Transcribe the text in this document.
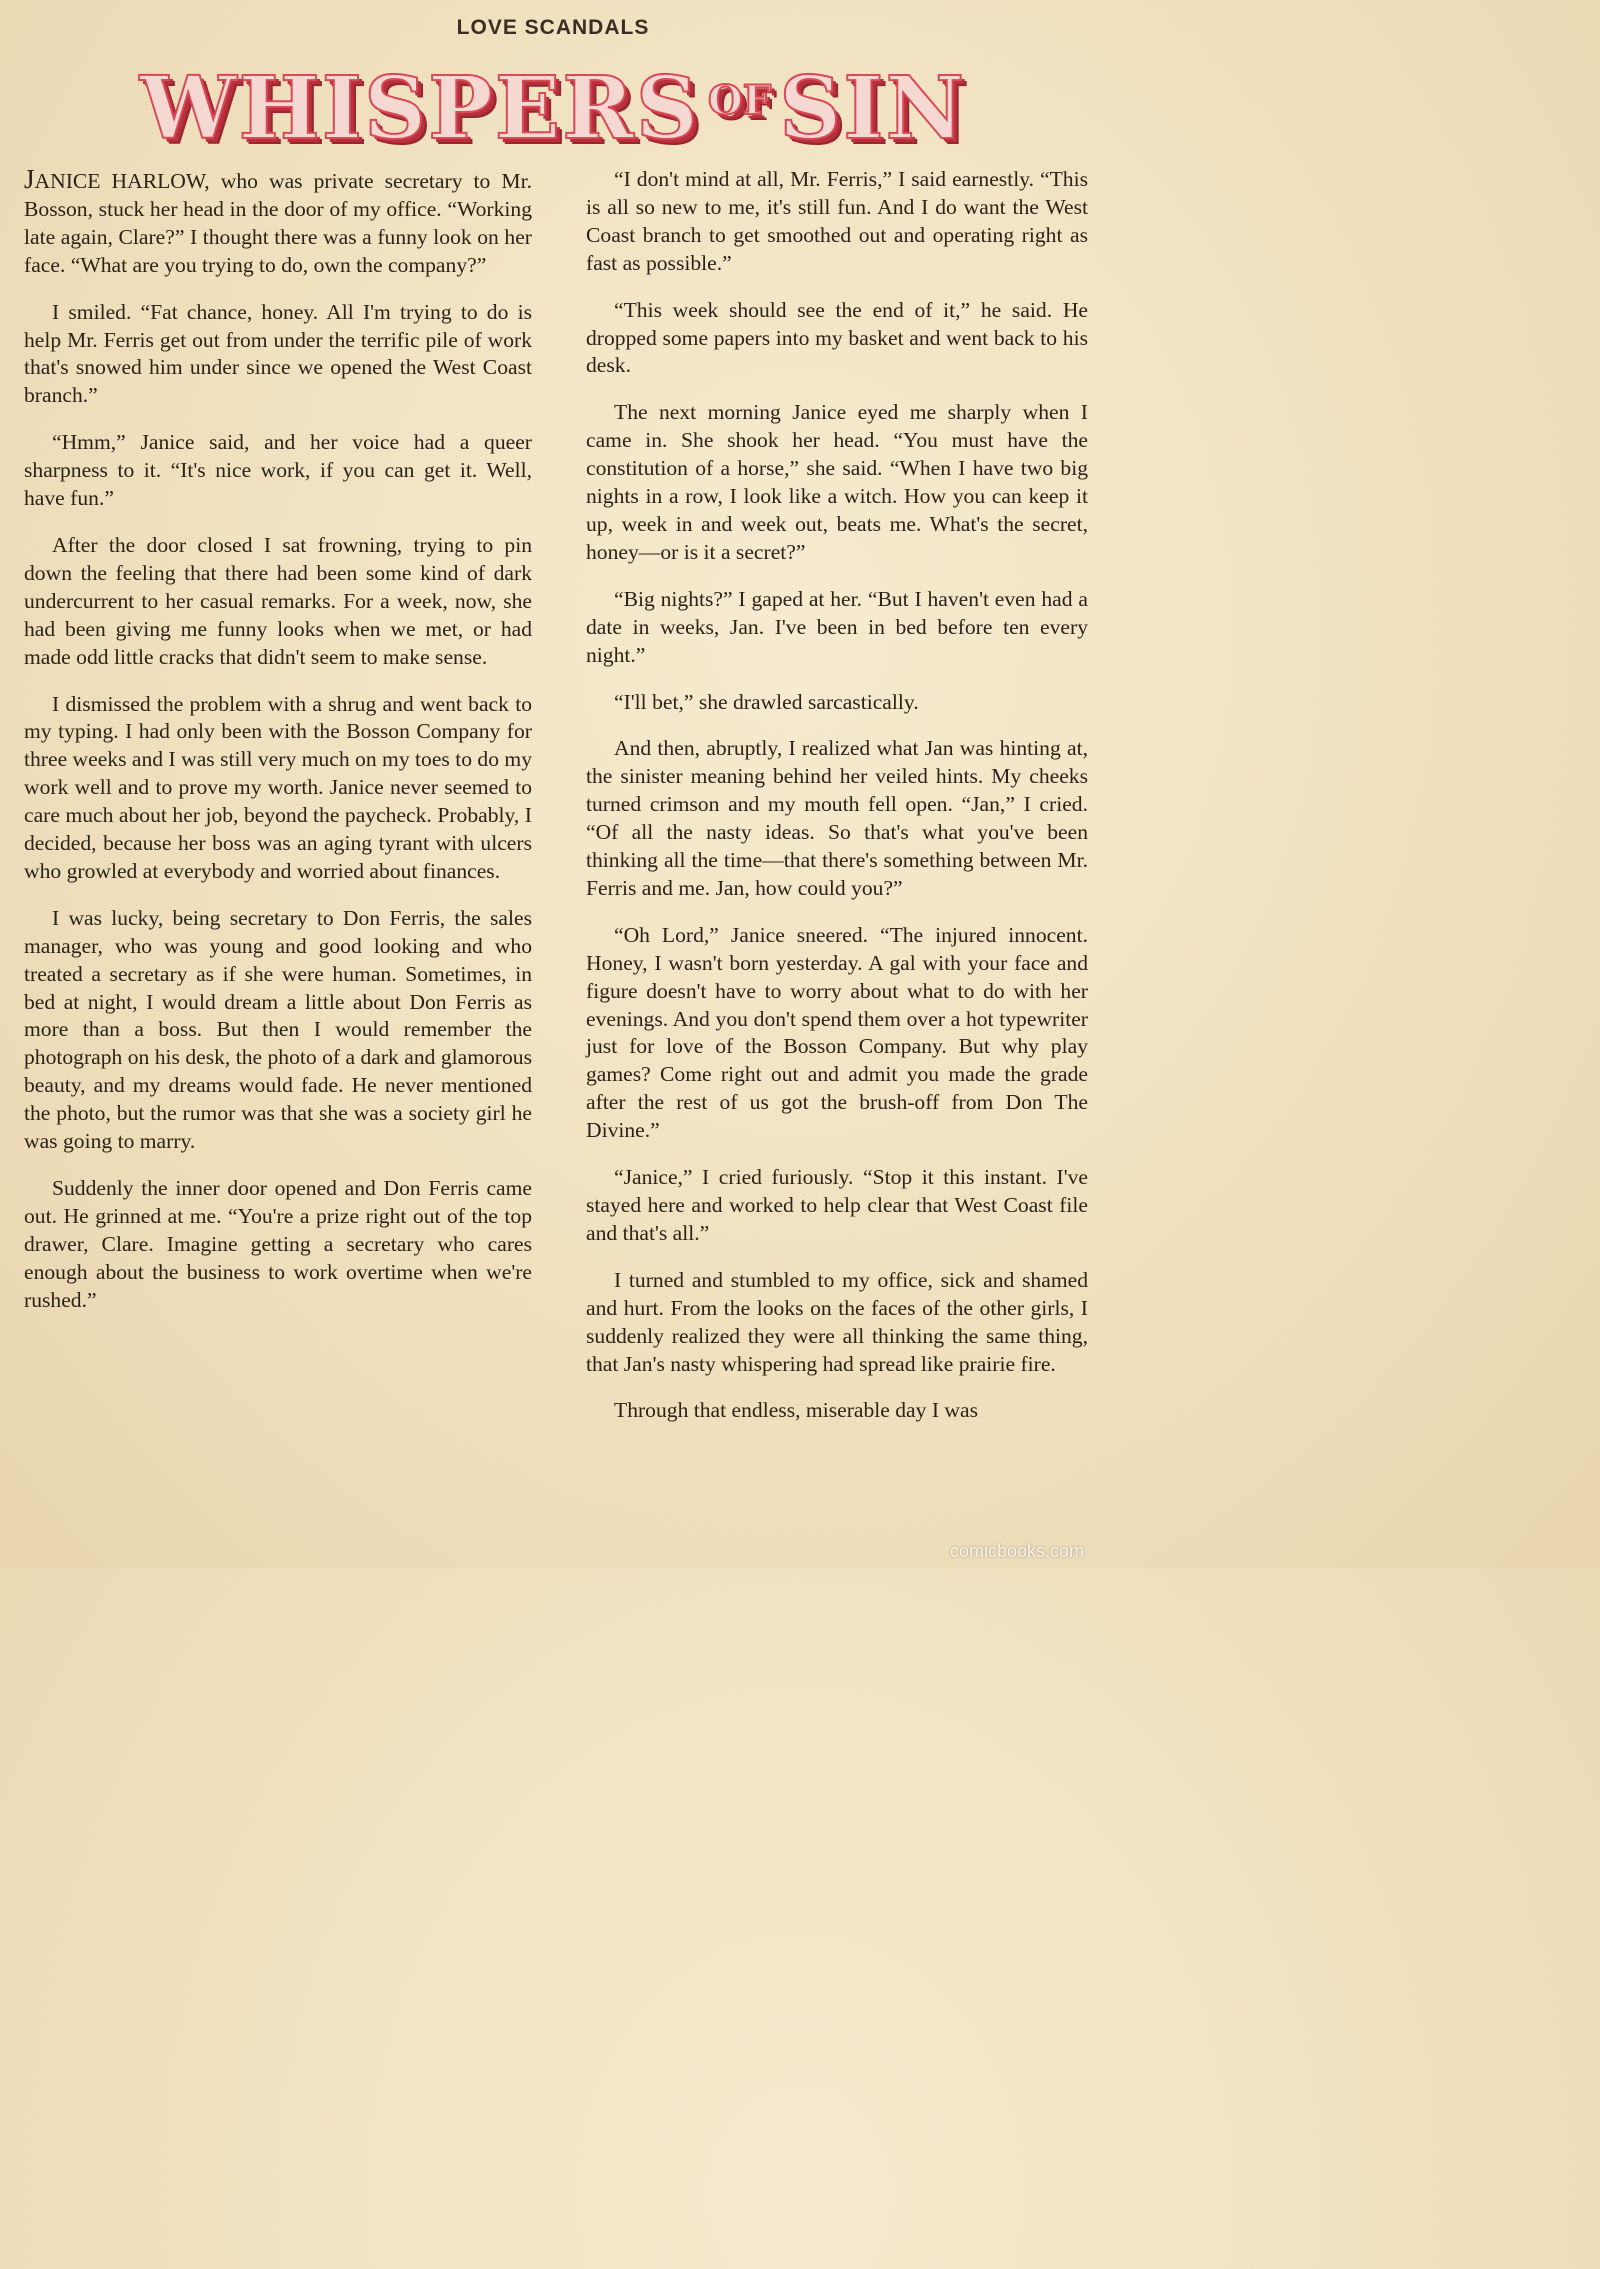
LOVE SCANDALS
WHISPERS OFSIN

JANICE HARLOW, who was private secretary to Mr. Bosson, stuck her head in the door of my office. “Working late again, Clare?” I thought there was a funny look on her face. “What are you trying to do, own the company?”

I smiled. “Fat chance, honey. All I'm trying to do is help Mr. Ferris get out from under the terrific pile of work that's snowed him under since we opened the West Coast branch.”

“Hmm,” Janice said, and her voice had a queer sharpness to it. “It's nice work, if you can get it. Well, have fun.”

After the door closed I sat frowning, trying to pin down the feeling that there had been some kind of dark undercurrent to her casual remarks. For a week, now, she had been giving me funny looks when we met, or had made odd little cracks that didn't seem to make sense.

I dismissed the problem with a shrug and went back to my typing. I had only been with the Bosson Company for three weeks and I was still very much on my toes to do my work well and to prove my worth. Janice never seemed to care much about her job, beyond the paycheck. Probably, I decided, because her boss was an aging tyrant with ulcers who growled at everybody and worried about finances.

I was lucky, being secretary to Don Ferris, the sales manager, who was young and good looking and who treated a secretary as if she were human. Sometimes, in bed at night, I would dream a little about Don Ferris as more than a boss. But then I would remember the photograph on his desk, the photo of a dark and glamorous beauty, and my dreams would fade. He never mentioned the photo, but the rumor was that she was a society girl he was going to marry.

Suddenly the inner door opened and Don Ferris came out. He grinned at me. “You're a prize right out of the top drawer, Clare. Imagine getting a secretary who cares enough about the business to work overtime when we're rushed.”

“I don't mind at all, Mr. Ferris,” I said earnestly. “This is all so new to me, it's still fun. And I do want the West Coast branch to get smoothed out and operating right as fast as possible.”

“This week should see the end of it,” he said. He dropped some papers into my basket and went back to his desk.

The next morning Janice eyed me sharply when I came in. She shook her head. “You must have the constitution of a horse,” she said. “When I have two big nights in a row, I look like a witch. How you can keep it up, week in and week out, beats me. What's the secret, honey—or is it a secret?”

“Big nights?” I gaped at her. “But I haven't even had a date in weeks, Jan. I've been in bed before ten every night.”

“I'll bet,” she drawled sarcastically.

And then, abruptly, I realized what Jan was hinting at, the sinister meaning behind her veiled hints. My cheeks turned crimson and my mouth fell open. “Jan,” I cried. “Of all the nasty ideas. So that's what you've been thinking all the time—that there's something between Mr. Ferris and me. Jan, how could you?”

“Oh Lord,” Janice sneered. “The injured innocent. Honey, I wasn't born yesterday. A gal with your face and figure doesn't have to worry about what to do with her evenings. And you don't spend them over a hot typewriter just for love of the Bosson Company. But why play games? Come right out and admit you made the grade after the rest of us got the brush-off from Don The Divine.”

“Janice,” I cried furiously. “Stop it this instant. I've stayed here and worked to help clear that West Coast file and that's all.”

I turned and stumbled to my office, sick and shamed and hurt. From the looks on the faces of the other girls, I suddenly realized they were all thinking the same thing, that Jan's nasty whispering had spread like prairie fire.

Through that endless, miserable day I was

comicbooks.com
